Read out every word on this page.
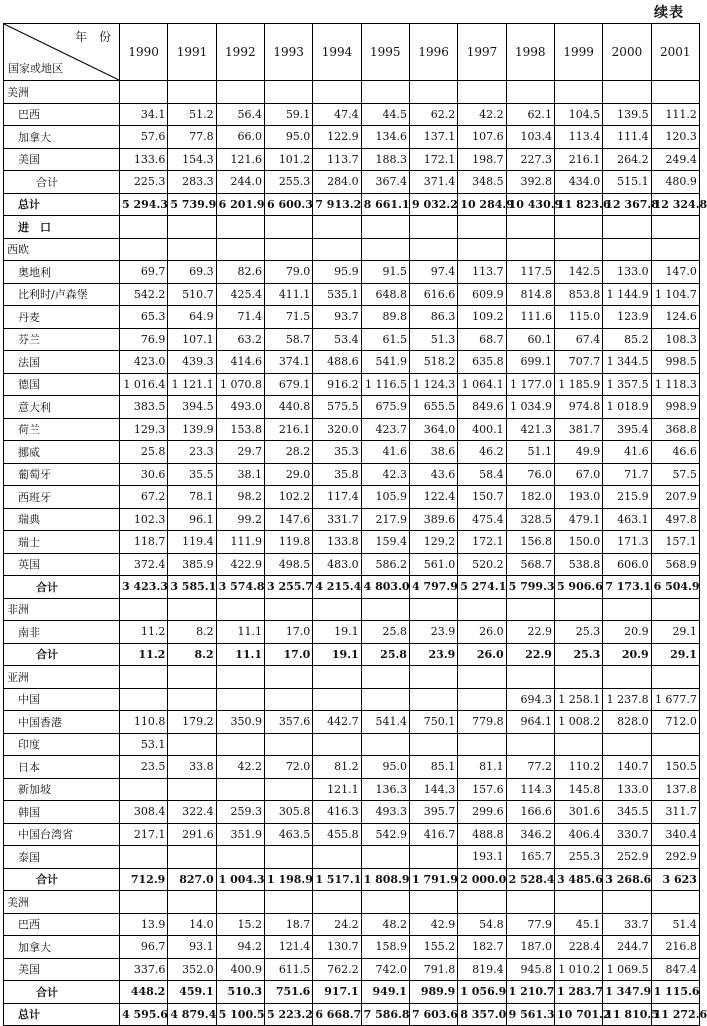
续表
年　份
国家或地区	1990	1991	1992	1993	1994	1995	1996	1997	1998	1999	2000	2001
美洲												
巴西	34.1	51.2	56.4	59.1	47.4	44.5	62.2	42.2	62.1	104.5	139.5	111.2
加拿大	57.6	77.8	66.0	95.0	122.9	134.6	137.1	107.6	103.4	113.4	111.4	120.3
美国	133.6	154.3	121.6	101.2	113.7	188.3	172.1	198.7	227.3	216.1	264.2	249.4
合计	225.3	283.3	244.0	255.3	284.0	367.4	371.4	348.5	392.8	434.0	515.1	480.9
总计	5 294.3	5 739.9	6 201.9	6 600.3	7 913.2	8 661.1	9 032.2	10 284.9	10 430.9	11 823.6	12 367.8	12 324.8
进　口												
西欧												
奥地利	69.7	69.3	82.6	79.0	95.9	91.5	97.4	113.7	117.5	142.5	133.0	147.0
比利时/卢森堡	542.2	510.7	425.4	411.1	535.1	648.8	616.6	609.9	814.8	853.8	1 144.9	1 104.7
丹麦	65.3	64.9	71.4	71.5	93.7	89.8	86.3	109.2	111.6	115.0	123.9	124.6
芬兰	76.9	107.1	63.2	58.7	53.4	61.5	51.3	68.7	60.1	67.4	85.2	108.3
法国	423.0	439.3	414.6	374.1	488.6	541.9	518.2	635.8	699.1	707.7	1 344.5	998.5
德国	1 016.4	1 121.1	1 070.8	679.1	916.2	1 116.5	1 124.3	1 064.1	1 177.0	1 185.9	1 357.5	1 118.3
意大利	383.5	394.5	493.0	440.8	575.5	675.9	655.5	849.6	1 034.9	974.8	1 018.9	998.9
荷兰	129.3	139.9	153.8	216.1	320.0	423.7	364.0	400.1	421.3	381.7	395.4	368.8
挪威	25.8	23.3	29.7	28.2	35.3	41.6	38.6	46.2	51.1	49.9	41.6	46.6
葡萄牙	30.6	35.5	38.1	29.0	35.8	42.3	43.6	58.4	76.0	67.0	71.7	57.5
西班牙	67.2	78.1	98.2	102.2	117.4	105.9	122.4	150.7	182.0	193.0	215.9	207.9
瑞典	102.3	96.1	99.2	147.6	331.7	217.9	389.6	475.4	328.5	479.1	463.1	497.8
瑞士	118.7	119.4	111.9	119.8	133.8	159.4	129.2	172.1	156.8	150.0	171.3	157.1
英国	372.4	385.9	422.9	498.5	483.0	586.2	561.0	520.2	568.7	538.8	606.0	568.9
合计	3 423.3	3 585.1	3 574.8	3 255.7	4 215.4	4 803.0	4 797.9	5 274.1	5 799.3	5 906.6	7 173.1	6 504.9
非洲												
南非	11.2	8.2	11.1	17.0	19.1	25.8	23.9	26.0	22.9	25.3	20.9	29.1
合计	11.2	8.2	11.1	17.0	19.1	25.8	23.9	26.0	22.9	25.3	20.9	29.1
亚洲												
中国									694.3	1 258.1	1 237.8	1 677.7
中国香港	110.8	179.2	350.9	357.6	442.7	541.4	750.1	779.8	964.1	1 008.2	828.0	712.0
印度	53.1											
日本	23.5	33.8	42.2	72.0	81.2	95.0	85.1	81.1	77.2	110.2	140.7	150.5
新加坡					121.1	136.3	144.3	157.6	114.3	145.8	133.0	137.8
韩国	308.4	322.4	259.3	305.8	416.3	493.3	395.7	299.6	166.6	301.6	345.5	311.7
中国台湾省	217.1	291.6	351.9	463.5	455.8	542.9	416.7	488.8	346.2	406.4	330.7	340.4
泰国								193.1	165.7	255.3	252.9	292.9
合计	712.9	827.0	1 004.3	1 198.9	1 517.1	1 808.9	1 791.9	2 000.0	2 528.4	3 485.6	3 268.6	3 623
美洲												
巴西	13.9	14.0	15.2	18.7	24.2	48.2	42.9	54.8	77.9	45.1	33.7	51.4
加拿大	96.7	93.1	94.2	121.4	130.7	158.9	155.2	182.7	187.0	228.4	244.7	216.8
美国	337.6	352.0	400.9	611.5	762.2	742.0	791.8	819.4	945.8	1 010.2	1 069.5	847.4
合计	448.2	459.1	510.3	751.6	917.1	949.1	989.9	1 056.9	1 210.7	1 283.7	1 347.9	1 115.6
总计	4 595.6	4 879.4	5 100.5	5 223.2	6 668.7	7 586.8	7 603.6	8 357.0	9 561.3	10 701.2	11 810.5	11 272.6
